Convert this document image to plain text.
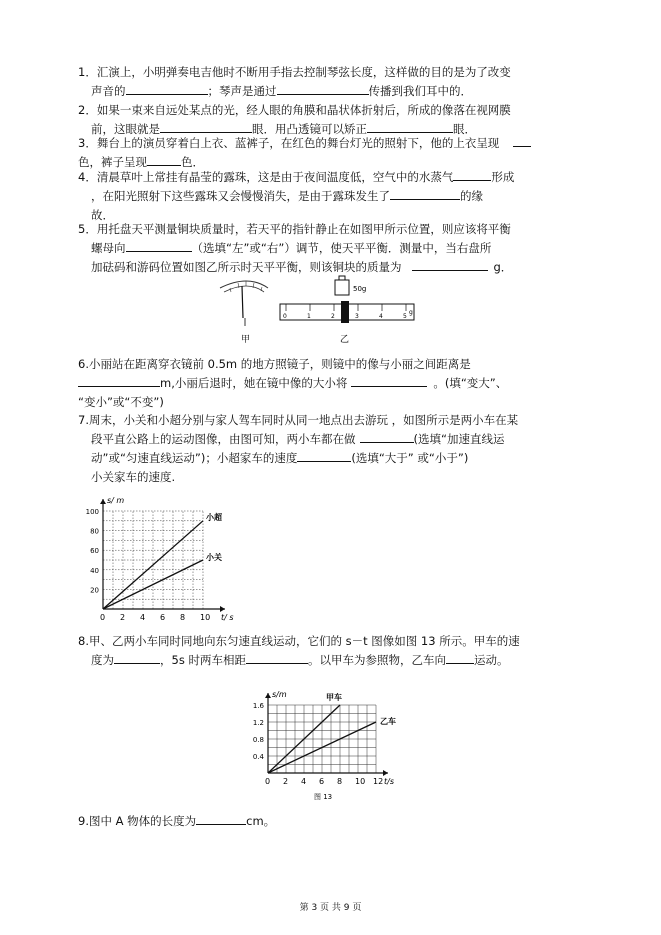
1．汇演上，小明弹奏电吉他时不断用手指去控制琴弦长度，这样做的目的是为了改变
声音的	；琴声是通过	传播到我们耳中的．
2．如果一束来自远处某点的光，经人眼的角膜和晶状体折射后，所成的像落在视网膜
前，这眼就是	眼．用凸透镜可以矫正	眼．
3．舞台上的演员穿着白上衣、蓝裤子，在红色的舞台灯光的照射下，他的上衣呈现
色，裤子呈现	色．
4．清晨草叶上常挂有晶莹的露珠，这是由于夜间温度低，空气中的水蒸气	形成
，在阳光照射下这些露珠又会慢慢消失，是由于露珠发生了	的缘
故．
5．用托盘天平测量铜块质量时，若天平的指针静止在如图甲所示位置，则应该将平衡
螺母向	（选填“左”或“右”）调节，使天平平衡．测量中，当右盘所
加砝码和游码位置如图乙所示时天平平衡，则该铜块的质量为	g．
甲
50g
0	1	2	3	4	5
g
乙
6.小丽站在距离穿衣镜前 0.5m 的地方照镜子，则镜中的像与小丽之间距离是
m,小丽后退时，她在镜中像的大小将	。(填“变大”、
“变小”或“不变”)
7.周末，小关和小超分别与家人驾车同时从同一地点出去游玩 ，如图所示是两小车在某
段平直公路上的运动图像，由图可知，两小车都在做	(选填“加速直线运
动”或“匀速直线运动”)；小超家车的速度	(选填“大于” 或“小于”)
小关家车的速度.
0 2 4 6 8 10
20
40
60
80
100
t/ s
s/ m
小超
小关
8.甲、乙两小车同时同地向东匀速直线运动，它们的 s－t 图像如图 13 所示。甲车的速
度为	，5s 时两车相距	。以甲车为参照物，乙车向 运动。
0 2 4 6 8 10 12
0.4
0.8
1.2
1.6
t/s
s/m	甲车
乙车
图 13
9.图中 A 物体的长度为	cm。
第 3 页 共 9 页
